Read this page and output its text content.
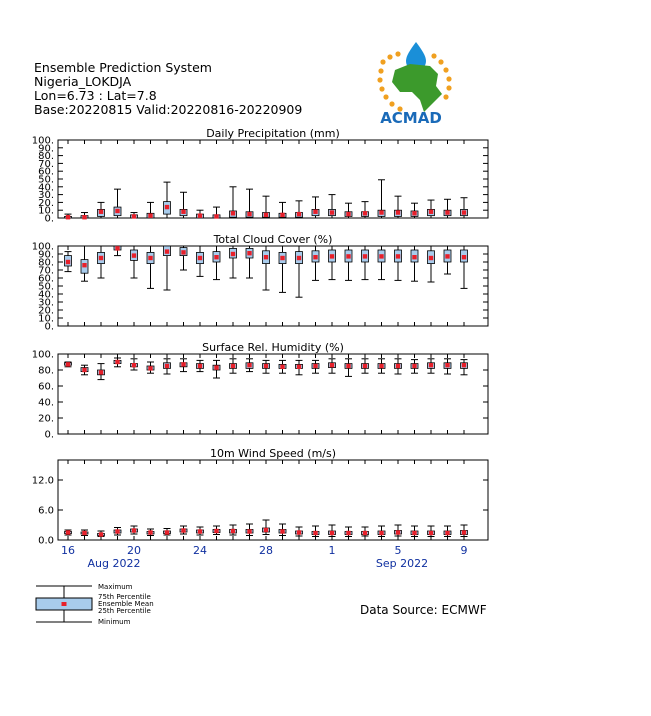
Ensemble Prediction System
Nigeria_LOKDJA
Lon=6.73 : Lat=7.8
Base:20220815 Valid:20220816-20220909	ACMAD
0.
10.
20.
30.
40.
50.
60.
70.
80.
90.
100.
Daily Precipitation (mm)
0.
10.
20.
30.
40.
50.
60.
70.
80.
90.
100.
Total Cloud Cover (%)
0.
20.
40.
60.
80.
100.
Surface Rel. Humidity (%)
0.0
6.0
12.0
10m Wind Speed (m/s)
16	20	24	28	1	5	9
Aug 2022	Sep 2022
Maximum
75th Percentile
Ensemble Mean
25th Percentile
Minimum
Data Source: ECMWF
